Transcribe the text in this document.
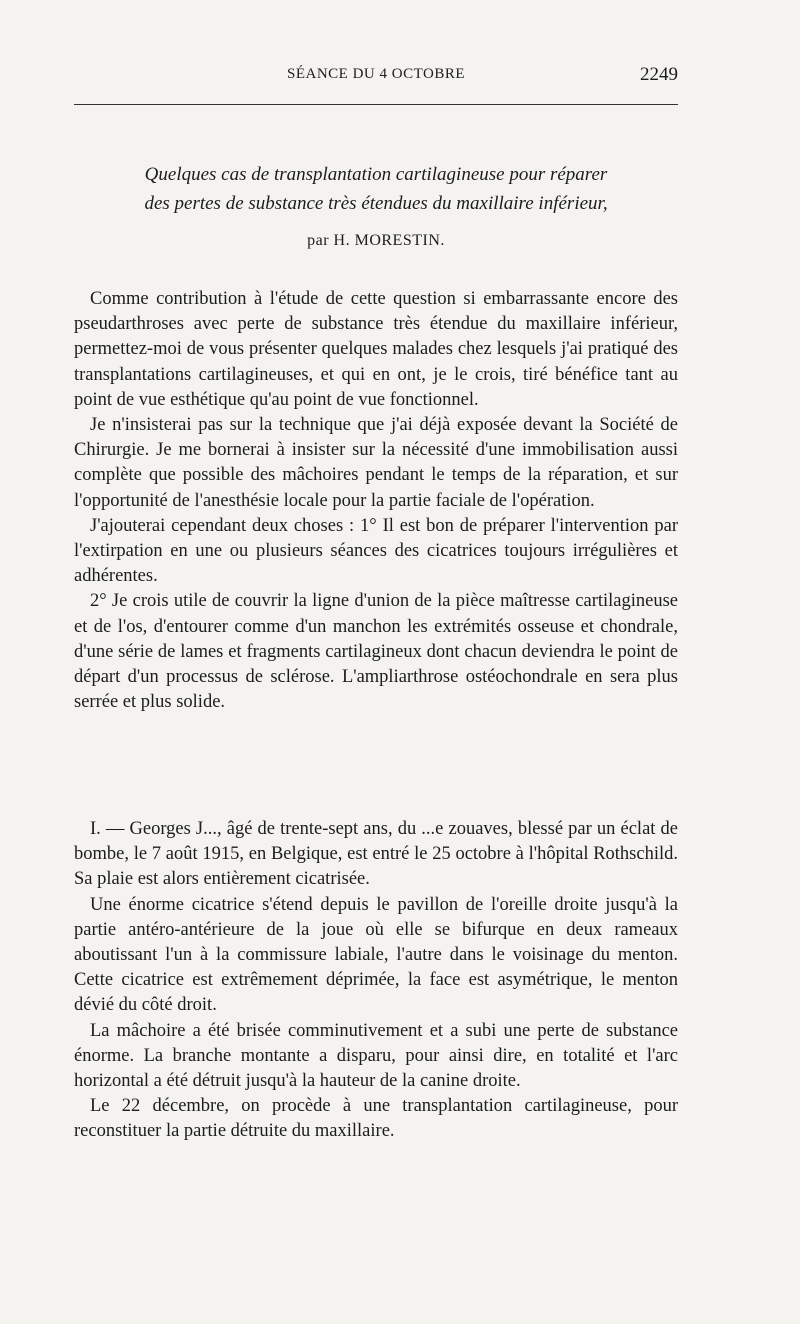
SÉANCE DU 4 OCTOBRE	2249
Quelques cas de transplantation cartilagineuse pour réparer
des pertes de substance très étendues du maxillaire inférieur,
par H. MORESTIN.

Comme contribution à l'étude de cette question si embarrassante encore des pseudarthroses avec perte de substance très étendue du maxillaire inférieur, permettez-moi de vous présenter quelques malades chez lesquels j'ai pratiqué des transplantations cartilagineuses, et qui en ont, je le crois, tiré bénéfice tant au point de vue esthétique qu'au point de vue fonctionnel.

Je n'insisterai pas sur la technique que j'ai déjà exposée devant la Société de Chirurgie. Je me bornerai à insister sur la nécessité d'une immobilisation aussi complète que possible des mâchoires pendant le temps de la réparation, et sur l'opportunité de l'anesthésie locale pour la partie faciale de l'opération.

J'ajouterai cependant deux choses : 1° Il est bon de préparer l'intervention par l'extirpation en une ou plusieurs séances des cicatrices toujours irrégulières et adhérentes.

2° Je crois utile de couvrir la ligne d'union de la pièce maîtresse cartilagineuse et de l'os, d'entourer comme d'un manchon les extrémités osseuse et chondrale, d'une série de lames et fragments cartilagineux dont chacun deviendra le point de départ d'un processus de sclérose. L'ampliarthrose ostéochondrale en sera plus serrée et plus solide.

I. — Georges J..., âgé de trente-sept ans, du ...e zouaves, blessé par un éclat de bombe, le 7 août 1915, en Belgique, est entré le 25 octobre à l'hôpital Rothschild. Sa plaie est alors entièrement cicatrisée.

Une énorme cicatrice s'étend depuis le pavillon de l'oreille droite jusqu'à la partie antéro-antérieure de la joue où elle se bifurque en deux rameaux aboutissant l'un à la commissure labiale, l'autre dans le voisinage du menton. Cette cicatrice est extrêmement déprimée, la face est asymétrique, le menton dévié du côté droit.

La mâchoire a été brisée comminutivement et a subi une perte de substance énorme. La branche montante a disparu, pour ainsi dire, en totalité et l'arc horizontal a été détruit jusqu'à la hauteur de la canine droite.

Le 22 décembre, on procède à une transplantation cartilagineuse, pour reconstituer la partie détruite du maxillaire.
